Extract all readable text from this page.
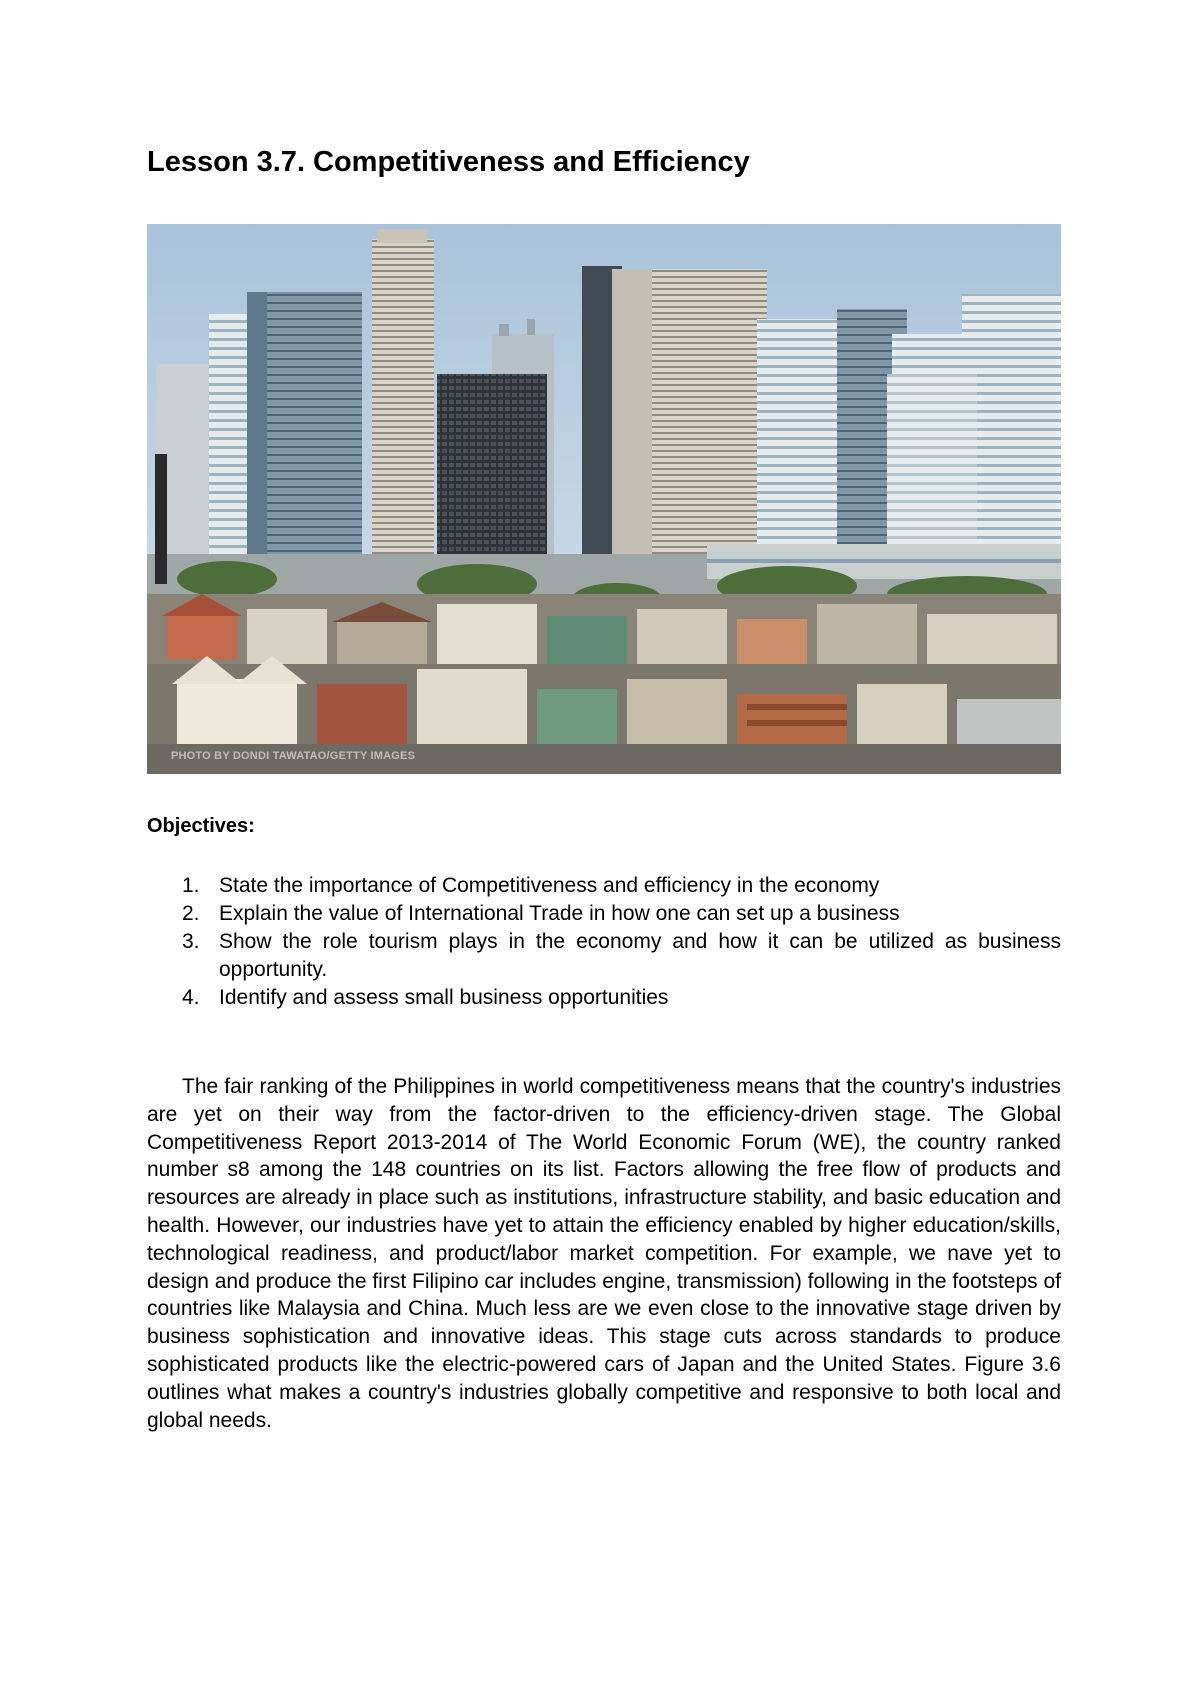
Lesson 3.7. Competitiveness and Efficiency
PHOTO BY DONDI TAWATAO/GETTY IMAGES
Objectives:
1. State the importance of Competitiveness and efficiency in the economy
2. Explain the value of International Trade in how one can set up a business
3. Show the role tourism plays in the economy and how it can be utilized as business opportunity.
4. Identify and assess small business opportunities

The fair ranking of the Philippines in world competitiveness means that the country's industries are yet on their way from the factor-driven to the efficiency-driven stage. The Global Competitiveness Report 2013-2014 of The World Economic Forum (WE), the country ranked number s8 among the 148 countries on its list. Factors allowing the free flow of products and resources are already in place such as institutions, infrastructure stability, and basic education and health. However, our industries have yet to attain the efficiency enabled by higher education/skills, technological readiness, and product/labor market competition. For example, we nave yet to design and produce the first Filipino car includes engine, transmission) following in the footsteps of countries like Malaysia and China. Much less are we even close to the innovative stage driven by business sophistication and innovative ideas. This stage cuts across standards to produce sophisticated products like the electric-powered cars of Japan and the United States. Figure 3.6 outlines what makes a country's industries globally competitive and responsive to both local and global needs.
